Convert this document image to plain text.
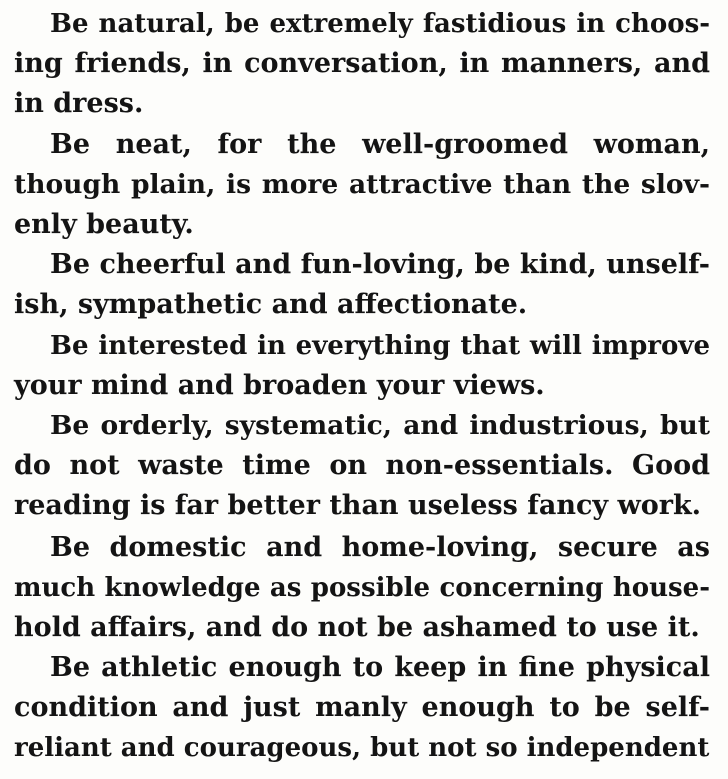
Be natural, be extremely fastidious in choos-
ing friends, in conversation, in manners, and
in dress.
Be neat, for the well-groomed woman,
though plain, is more attractive than the slov-
enly beauty.
Be cheerful and fun-loving, be kind, unself-
ish, sympathetic and affectionate.
Be interested in everything that will improve
your mind and broaden your views.
Be orderly, systematic, and industrious, but
do not waste time on non-essentials. Good
reading is far better than useless fancy work.
Be domestic and home-loving, secure as
much knowledge as possible concerning house-
hold affairs, and do not be ashamed to use it.
Be athletic enough to keep in fine physical
condition and just manly enough to be self-
reliant and courageous, but not so independent
